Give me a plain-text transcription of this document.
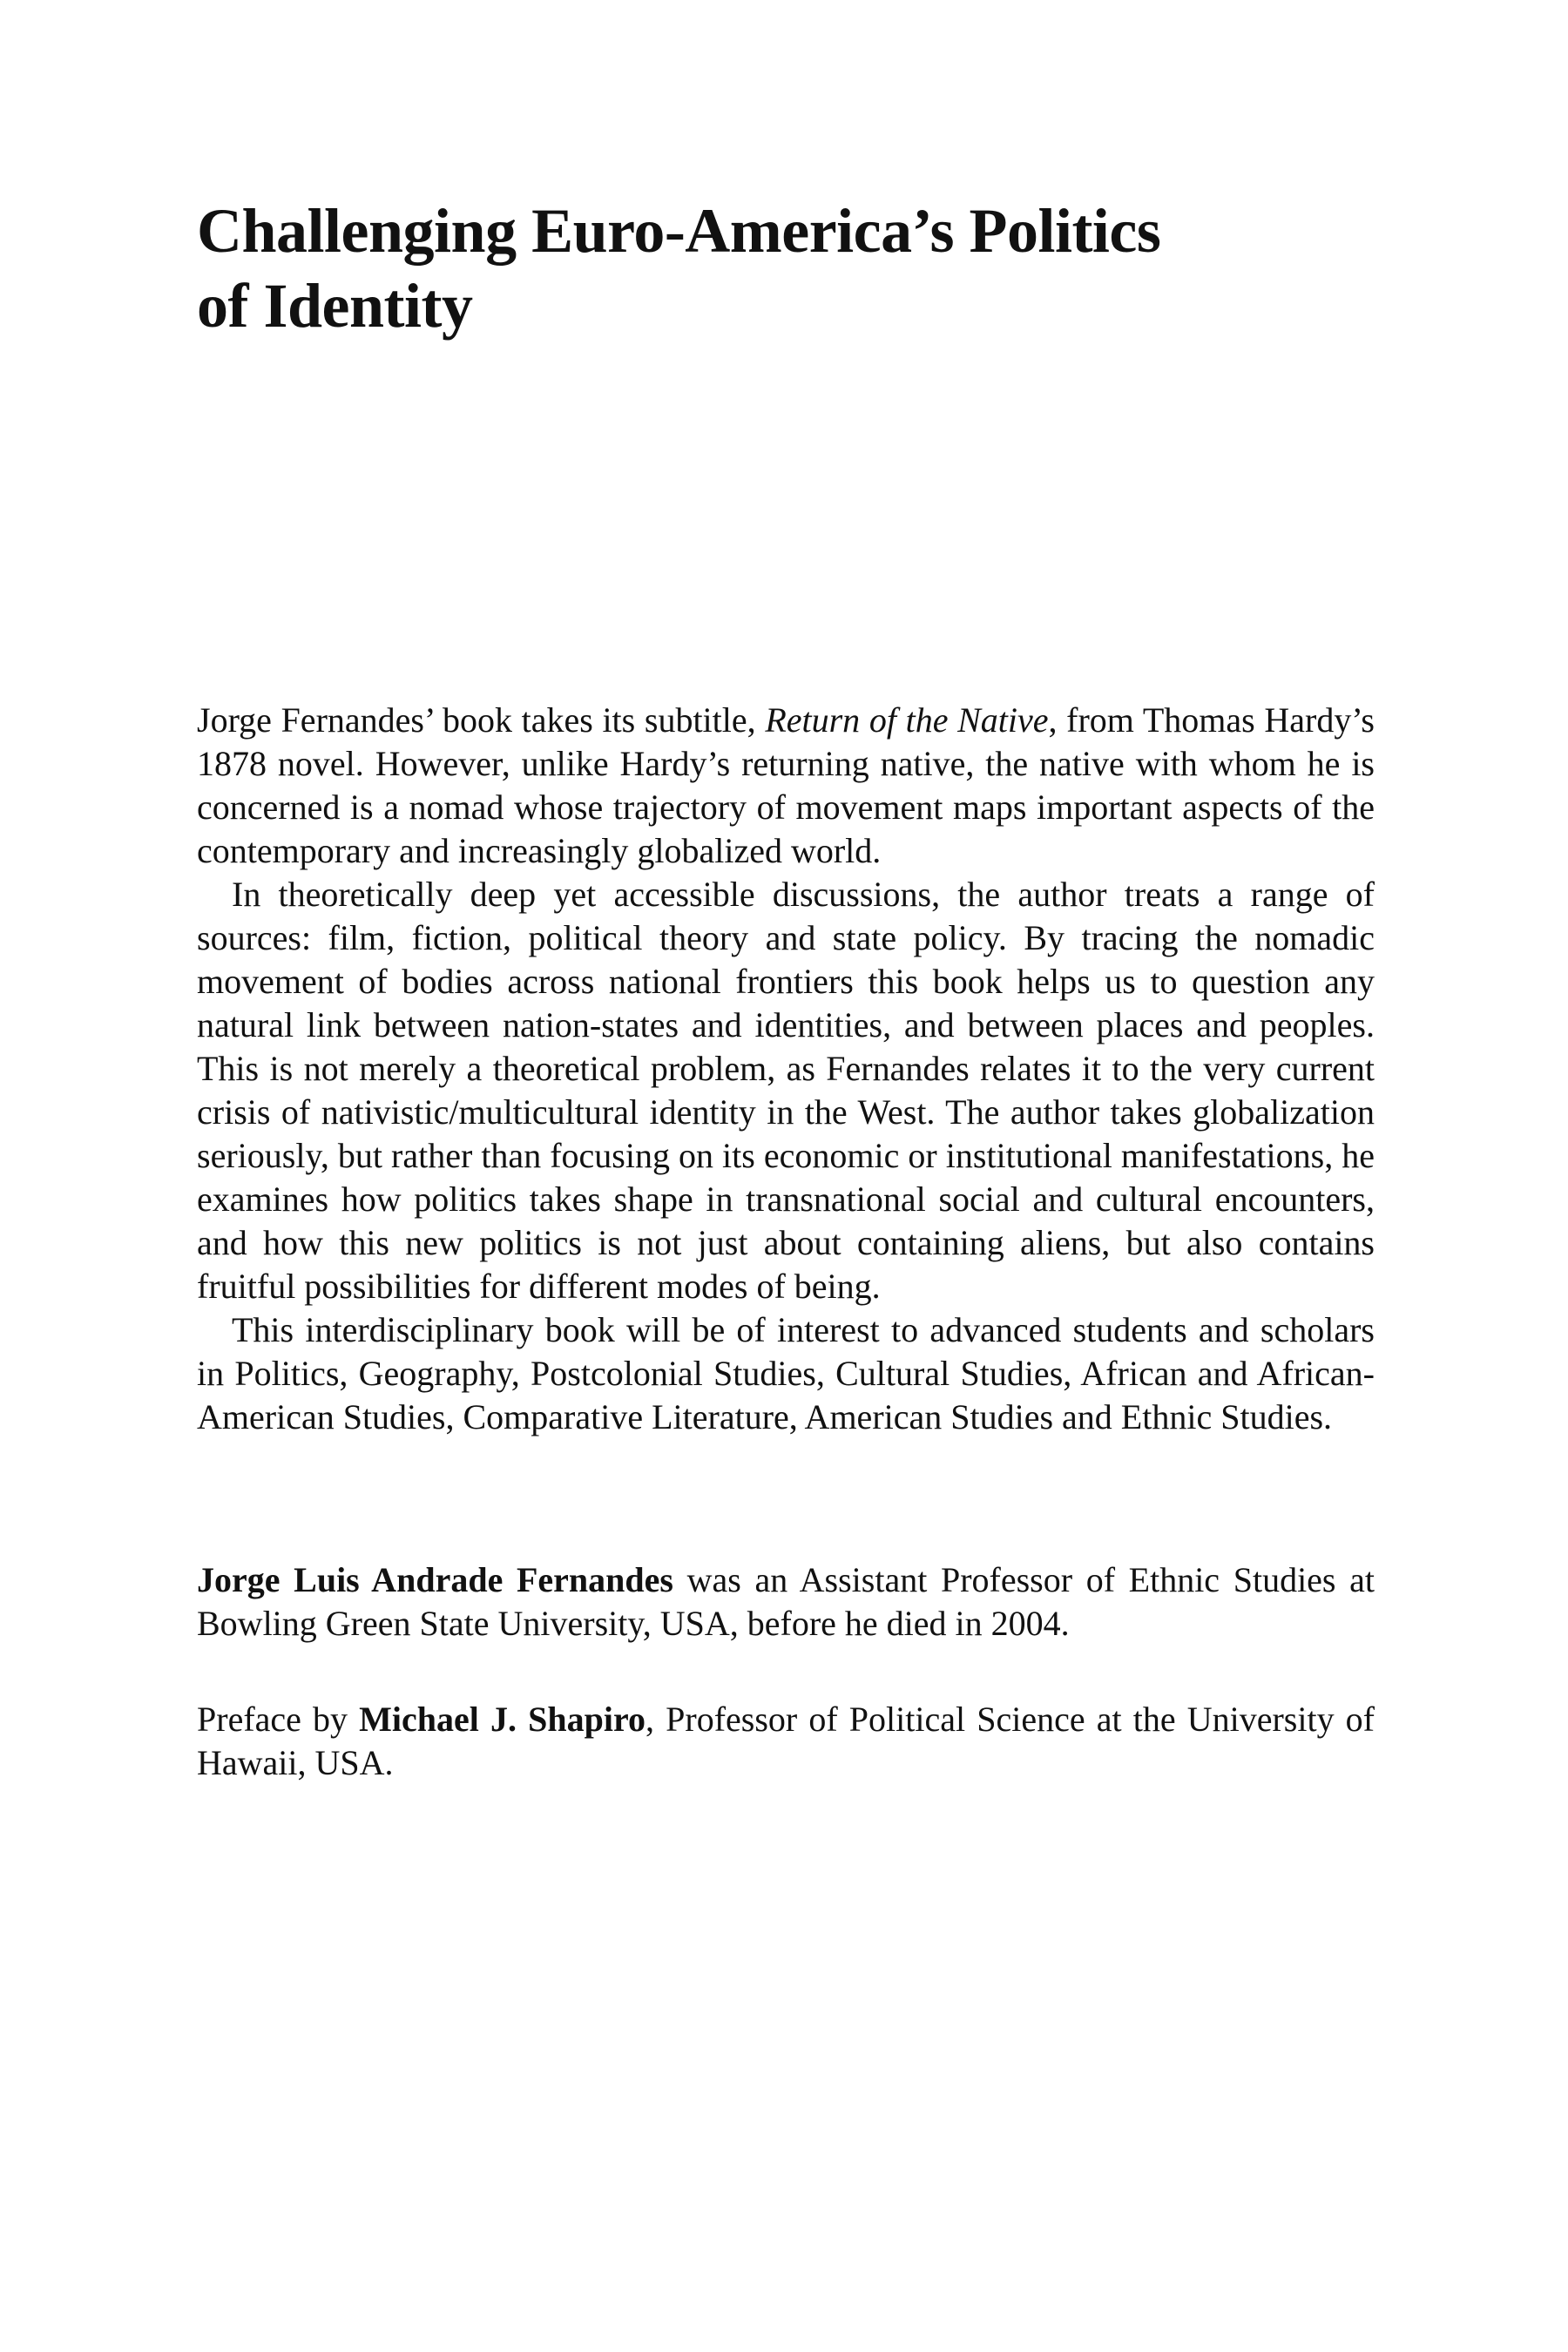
Challenging Euro-America’s Politics
of Identity

Jorge Fernandes’ book takes its subtitle, Return of the Native, from Thomas Hardy’s 1878 novel. However, unlike Hardy’s returning native, the native with whom he is concerned is a nomad whose trajectory of movement maps important aspects of the contemporary and increasingly globalized world.

In theoretically deep yet accessible discussions, the author treats a range of sources: film, fiction, political theory and state policy. By tracing the nomadic movement of bodies across national frontiers this book helps us to question any natural link between nation-states and identities, and between places and peoples. This is not merely a theoretical problem, as Fernandes relates it to the very current crisis of nativistic/multicultural identity in the West. The author takes globalization seriously, but rather than focusing on its economic or institutional manifestations, he examines how politics takes shape in transnational social and cultural encounters, and how this new politics is not just about containing aliens, but also contains fruitful possibilities for different modes of being.

This interdisciplinary book will be of interest to advanced students and scholars in Politics, Geography, Postcolonial Studies, Cultural Studies, African and African-American Studies, Comparative Literature, American Studies and Ethnic Studies.

Jorge Luis Andrade Fernandes was an Assistant Professor of Ethnic Studies at Bowling Green State University, USA, before he died in 2004.

Preface by Michael J. Shapiro, Professor of Political Science at the University of Hawaii, USA.
